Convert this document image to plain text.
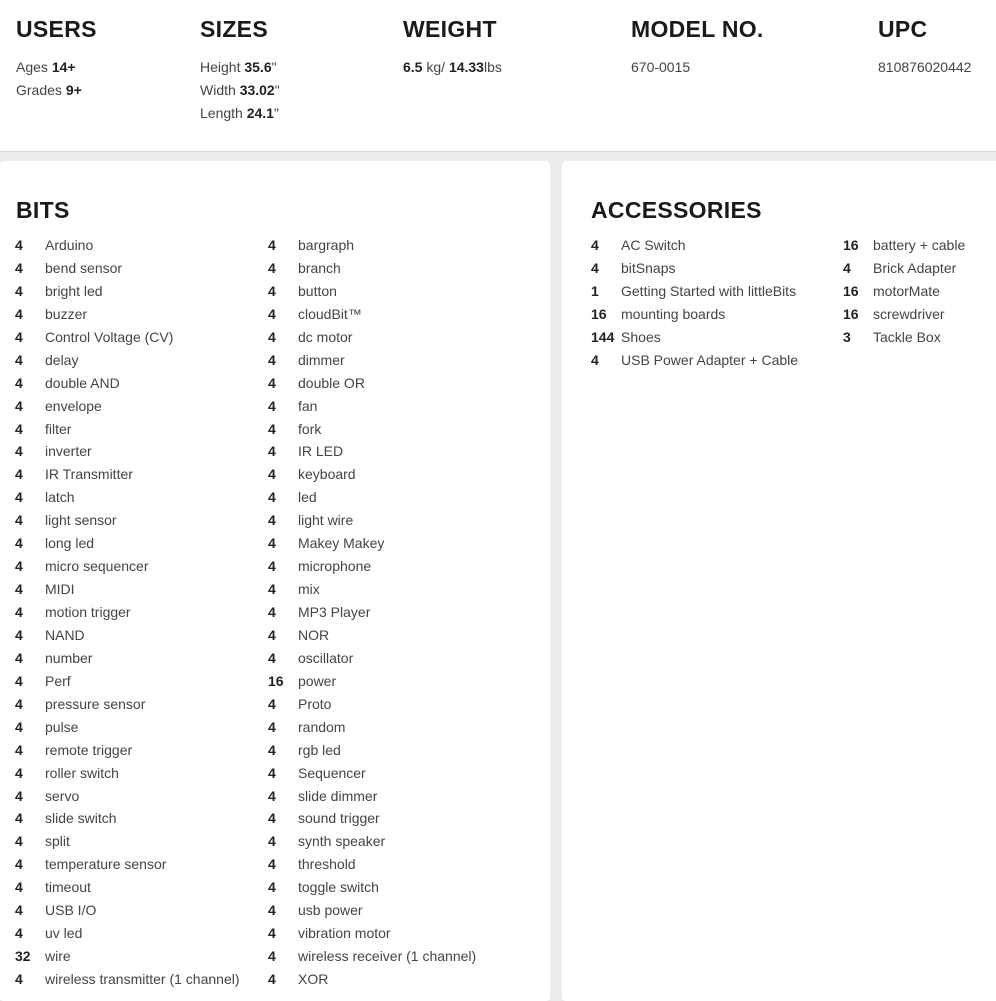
USERS
Ages 14+
Grades 9+
SIZES
Height 35.6"
Width 33.02"
Length 24.1"
WEIGHT
6.5 kg/ 14.33lbs
MODEL NO.
670-0015
UPC
810876020442
BITS
4 Arduino
4 bend sensor
4 bright led
4 buzzer
4 Control Voltage (CV)
4 delay
4 double AND
4 envelope
4 filter
4 inverter
4 IR Transmitter
4 latch
4 light sensor
4 long led
4 micro sequencer
4 MIDI
4 motion trigger
4 NAND
4 number
4 Perf
4 pressure sensor
4 pulse
4 remote trigger
4 roller switch
4 servo
4 slide switch
4 split
4 temperature sensor
4 timeout
4 USB I/O
4 uv led
32 wire
4 wireless transmitter (1 channel)
4 bargraph
4 branch
4 button
4 cloudBit™
4 dc motor
4 dimmer
4 double OR
4 fan
4 fork
4 IR LED
4 keyboard
4 led
4 light wire
4 Makey Makey
4 microphone
4 mix
4 MP3 Player
4 NOR
4 oscillator
16 power
4 Proto
4 random
4 rgb led
4 Sequencer
4 slide dimmer
4 sound trigger
4 synth speaker
4 threshold
4 toggle switch
4 usb power
4 vibration motor
4 wireless receiver (1 channel)
4 XOR
ACCESSORIES
4 AC Switch
4 bitSnaps
1 Getting Started with littleBits
16 mounting boards
144 Shoes
4 USB Power Adapter + Cable
16 battery + cable
4 Brick Adapter
16 motorMate
16 screwdriver
3 Tackle Box
